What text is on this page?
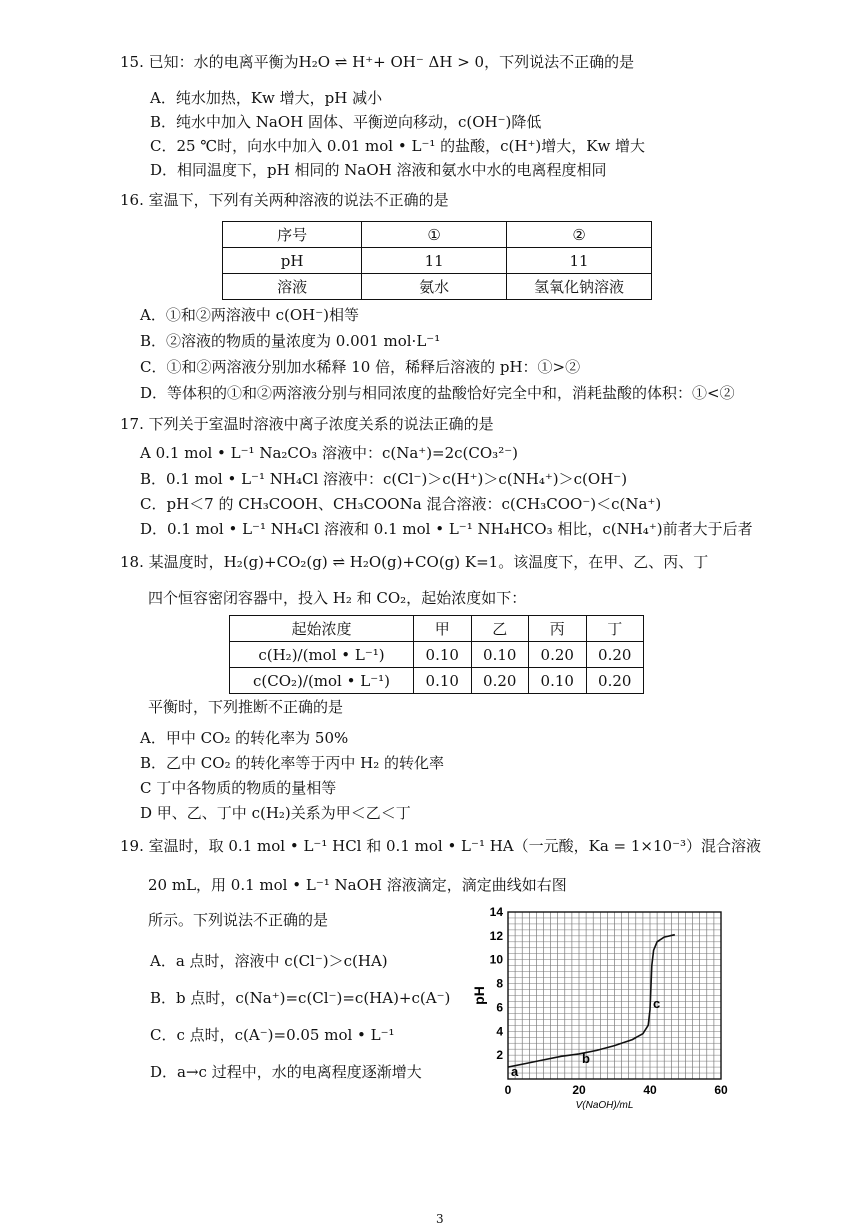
15. 已知：水的电离平衡为H₂O ⇌ H⁺+ OH⁻ ΔH > 0，下列说法不正确的是
A．纯水加热，Kw 增大，pH 减小
B．纯水中加入 NaOH 固体、平衡逆向移动，c(OH⁻)降低
C．25 ℃时，向水中加入 0.01 mol • L⁻¹ 的盐酸，c(H⁺)增大，Kw 增大
D．相同温度下，pH 相同的 NaOH 溶液和氨水中水的电离程度相同
16. 室温下，下列有关两种溶液的说法不正确的是
序号	①	②
pH	11	11
溶液	氨水	氢氧化钠溶液
A．①和②两溶液中 c(OH⁻)相等
B．②溶液的物质的量浓度为 0.001 mol·L⁻¹
C．①和②两溶液分别加水稀释 10 倍，稀释后溶液的 pH：①>②
D．等体积的①和②两溶液分别与相同浓度的盐酸恰好完全中和，消耗盐酸的体积：①<②
17. 下列关于室温时溶液中离子浓度关系的说法正确的是
A 0.1 mol • L⁻¹ Na₂CO₃ 溶液中：c(Na⁺)=2c(CO₃²⁻)
B．0.1 mol • L⁻¹ NH₄Cl 溶液中：c(Cl⁻)＞c(H⁺)＞c(NH₄⁺)＞c(OH⁻)
C．pH＜7 的 CH₃COOH、CH₃COONa 混合溶液：c(CH₃COO⁻)＜c(Na⁺)
D．0.1 mol • L⁻¹ NH₄Cl 溶液和 0.1 mol • L⁻¹ NH₄HCO₃ 相比，c(NH₄⁺)前者大于后者
18. 某温度时，H₂(g)+CO₂(g) ⇌ H₂O(g)+CO(g) K=1。该温度下，在甲、乙、丙、丁
四个恒容密闭容器中，投入 H₂ 和 CO₂，起始浓度如下：
起始浓度	甲	乙	丙	丁
c(H₂)/(mol • L⁻¹)	0.10	0.10	0.20	0.20
c(CO₂)/(mol • L⁻¹)	0.10	0.20	0.10	0.20
平衡时，下列推断不正确的是
A．甲中 CO₂ 的转化率为 50%
B．乙中 CO₂ 的转化率等于丙中 H₂ 的转化率
C 丁中各物质的物质的量相等
D 甲、乙、丁中 c(H₂)关系为甲＜乙＜丁
19. 室温时，取 0.1 mol • L⁻¹ HCl 和 0.1 mol • L⁻¹ HA（一元酸，Ka = 1×10⁻³）混合溶液
20 mL，用 0.1 mol • L⁻¹ NaOH 溶液滴定，滴定曲线如右图
所示。下列说法不正确的是
A．a 点时，溶液中 c(Cl⁻)＞c(HA)
B．b 点时，c(Na⁺)=c(Cl⁻)=c(HA)+c(A⁻)
C．c 点时，c(A⁻)=0.05 mol • L⁻¹
D．a→c 过程中，水的电离程度逐渐增大
0	20	40	60
2
4
6
8
10
12
14
V(NaOH)/mL
pH
a
b
c
3
